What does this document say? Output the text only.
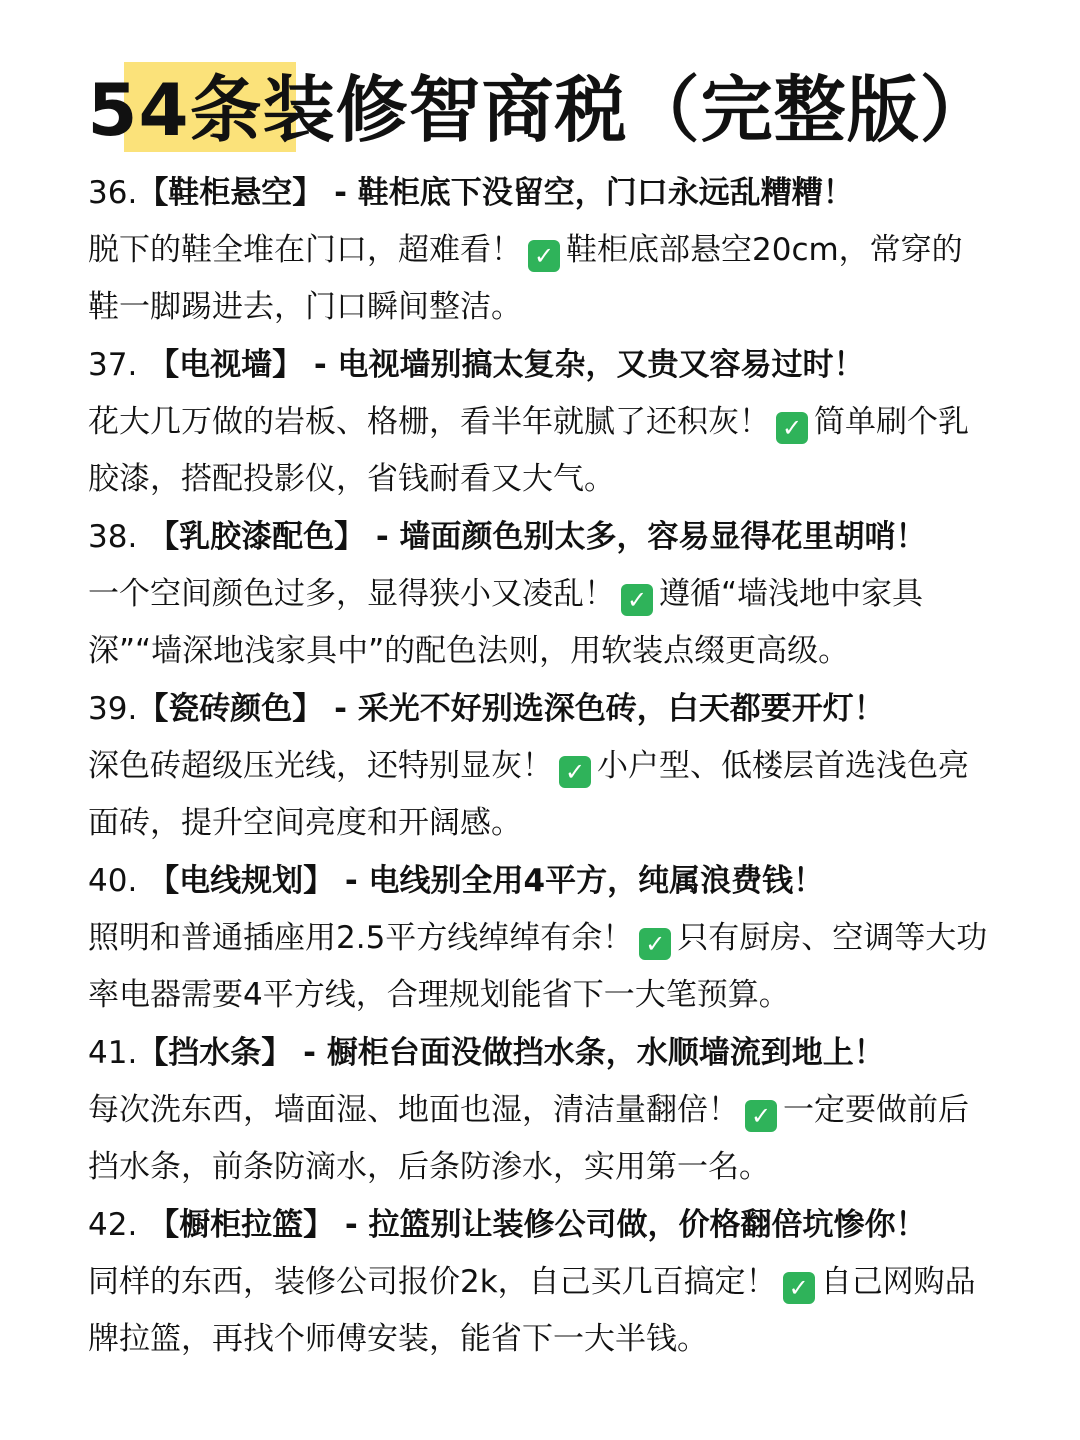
54条装修智商税（完整版）
36.【鞋柜悬空】 - 鞋柜底下没留空，门口永远乱糟糟！
脱下的鞋全堆在门口，超难看！ ✓ 鞋柜底部悬空20cm，常穿的鞋一脚踢进去，门口瞬间整洁。
37. 【电视墙】 - 电视墙别搞太复杂，又贵又容易过时！
花大几万做的岩板、格栅，看半年就腻了还积灰！ ✓ 简单刷个乳胶漆，搭配投影仪，省钱耐看又大气。
38. 【乳胶漆配色】 - 墙面颜色别太多，容易显得花里胡哨！
一个空间颜色过多，显得狭小又凌乱！ ✓ 遵循“墙浅地中家具深”“墙深地浅家具中”的配色法则，用软装点缀更高级。
39.【瓷砖颜色】 - 采光不好别选深色砖，白天都要开灯！
深色砖超级压光线，还特别显灰！ ✓ 小户型、低楼层首选浅色亮面砖，提升空间亮度和开阔感。
40. 【电线规划】 - 电线别全用4平方，纯属浪费钱！
照明和普通插座用2.5平方线绰绰有余！ ✓ 只有厨房、空调等大功率电器需要4平方线，合理规划能省下一大笔预算。
41.【挡水条】 - 橱柜台面没做挡水条，水顺墙流到地上！
每次洗东西，墙面湿、地面也湿，清洁量翻倍！ ✓ 一定要做前后挡水条，前条防滴水，后条防渗水，实用第一名。
42. 【橱柜拉篮】 - 拉篮别让装修公司做，价格翻倍坑惨你！
同样的东西，装修公司报价2k，自己买几百搞定！ ✓ 自己网购品牌拉篮，再找个师傅安装，能省下一大半钱。
